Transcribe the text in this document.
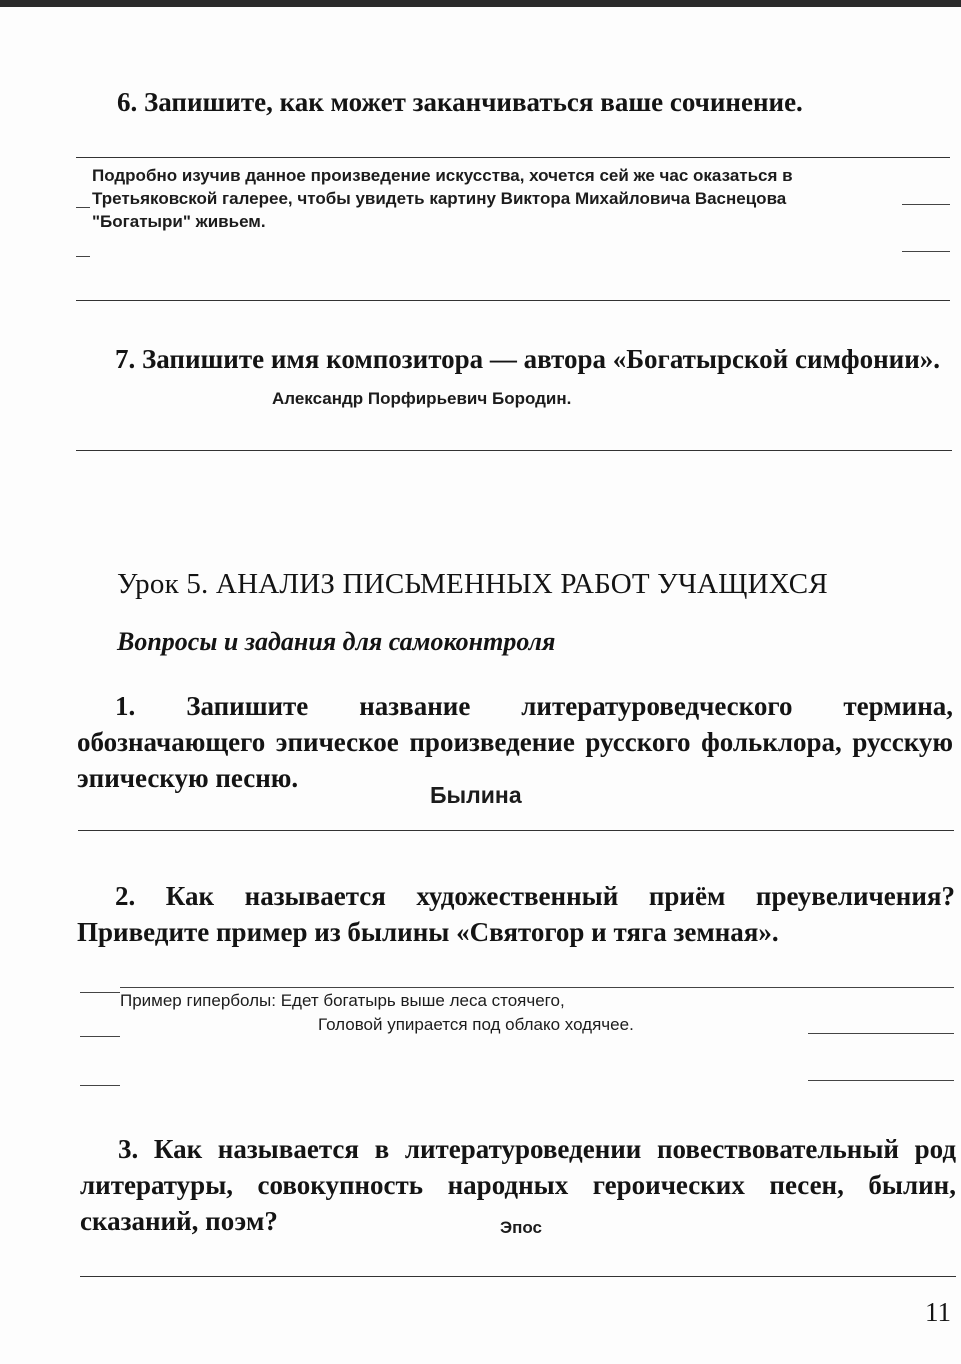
6. Запишите, как может заканчиваться ваше сочинение.

Подробно изучив данное произведение искусства, хочется сей же час оказаться в

Третьяковской галерее, чтобы увидеть картину Виктора Михайловича Васнецова

"Богатыри" живьем.

7. Запишите имя композитора — автора «Богатырской симфонии».

Александр Порфирьевич Бородин.

Урок 5. АНАЛИЗ ПИСЬМЕННЫХ РАБОТ УЧАЩИХСЯ
Вопросы и задания для самоконтроля

1. Запишите название литературоведческого термина, обозначающего эпическое произведение русского фольклора, русскую эпическую песню.

Былина

2. Как называется художественный приём преувеличения? Приведите пример из былины «Святогор и тяга земная».

Пример гиперболы: Едет богатырь выше леса стоячего,

Головой упирается под облако ходячее.

3. Как называется в литературоведении повествовательный род литературы, совокупность народных героических песен, былин, сказаний, поэм?	Эпос

11
